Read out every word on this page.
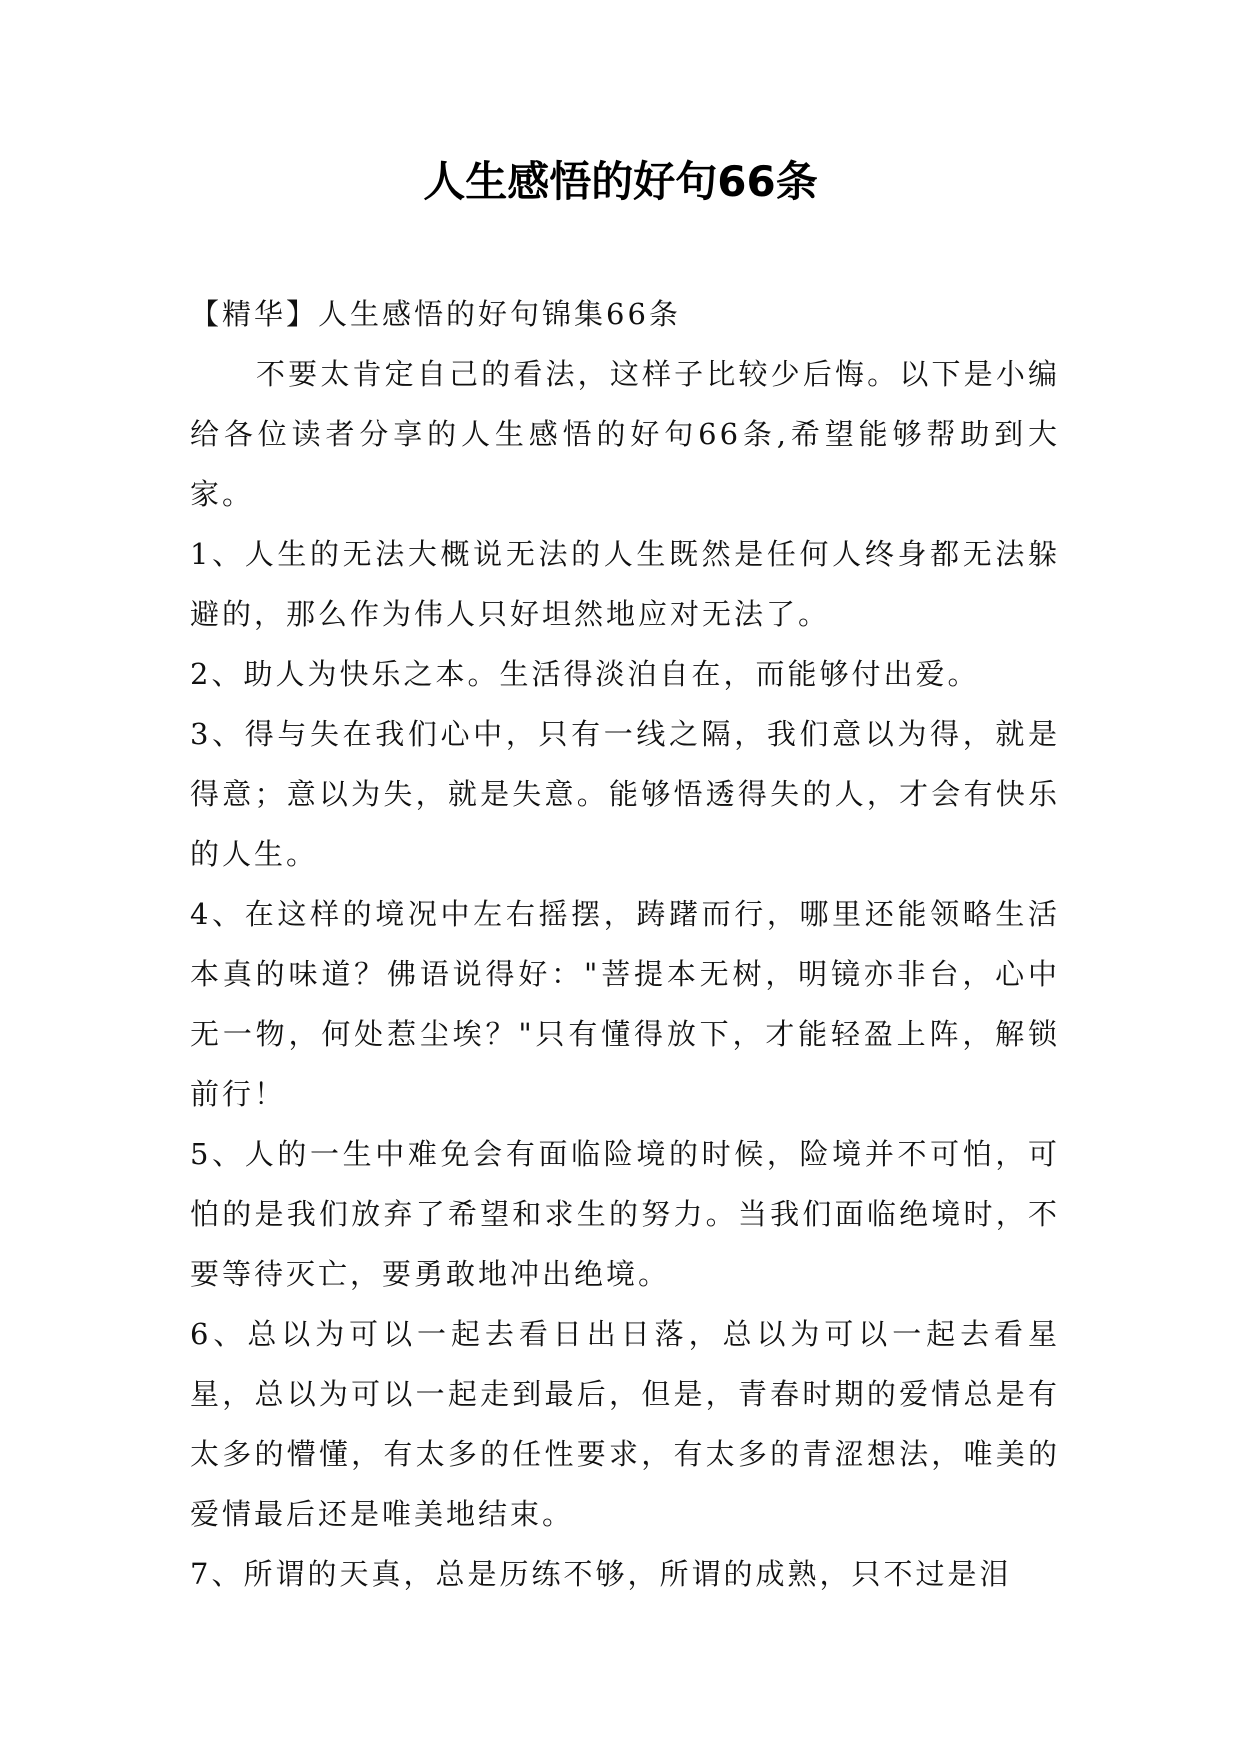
人生感悟的好句66条

【精华】人生感悟的好句锦集66条

不要太肯定自己的看法，这样子比较少后悔。以下是小编给各位读者分享的人生感悟的好句66条,希望能够帮助到大家。

1、人生的无法大概说无法的人生既然是任何人终身都无法躲避的，那么作为伟人只好坦然地应对无法了。

2、助人为快乐之本。生活得淡泊自在，而能够付出爱。

3、得与失在我们心中，只有一线之隔，我们意以为得，就是得意；意以为失，就是失意。能够悟透得失的人，才会有快乐的人生。

4、在这样的境况中左右摇摆，踌躇而行，哪里还能领略生活本真的味道？佛语说得好："菩提本无树，明镜亦非台，心中无一物，何处惹尘埃？"只有懂得放下，才能轻盈上阵，解锁前行！

5、人的一生中难免会有面临险境的时候，险境并不可怕，可怕的是我们放弃了希望和求生的努力。当我们面临绝境时，不要等待灭亡，要勇敢地冲出绝境。

6、总以为可以一起去看日出日落，总以为可以一起去看星星，总以为可以一起走到最后，但是，青春时期的爱情总是有太多的懵懂，有太多的任性要求，有太多的青涩想法，唯美的爱情最后还是唯美地结束。

7、所谓的天真，总是历练不够，所谓的成熟，只不过是泪
